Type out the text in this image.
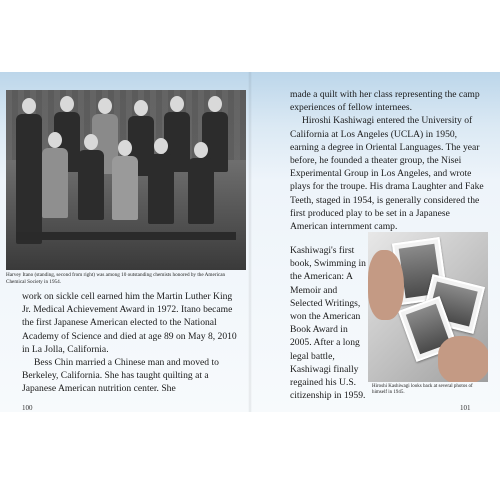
Harvey Itano (standing, second from right) was among 10 outstanding chemists honored by the American Chemical Society in 1954.

work on sickle cell earned him the Martin Luther King Jr. Medical Achievement Award in 1972. Itano became the first Japanese American elected to the National Academy of Science and died at age 89 on May 8, 2010 in La Jolla, California.

Bess Chin married a Chinese man and moved to Berkeley, California. She has taught quilting at a Japanese American nutrition center. She

100

made a quilt with her class representing the camp experiences of fellow internees.

Hiroshi Kashiwagi entered the University of California at Los Angeles (UCLA) in 1950, earning a degree in Oriental Languages. The year before, he founded a theater group, the Nisei Experimental Group in Los Angeles, and wrote plays for the troupe. His drama Laughter and Fake Teeth, staged in 1954, is generally considered the first produced play to be set in a Japanese American internment camp.

Kashiwagi's first book, Swimming in the American: A Memoir and Selected Writings, won the American Book Award in 2005. After a long legal battle, Kashiwagi finally regained his U.S. citizenship in 1959.

Hiroshi Kashiwagi looks back at several photos of himself in 1945.

101
